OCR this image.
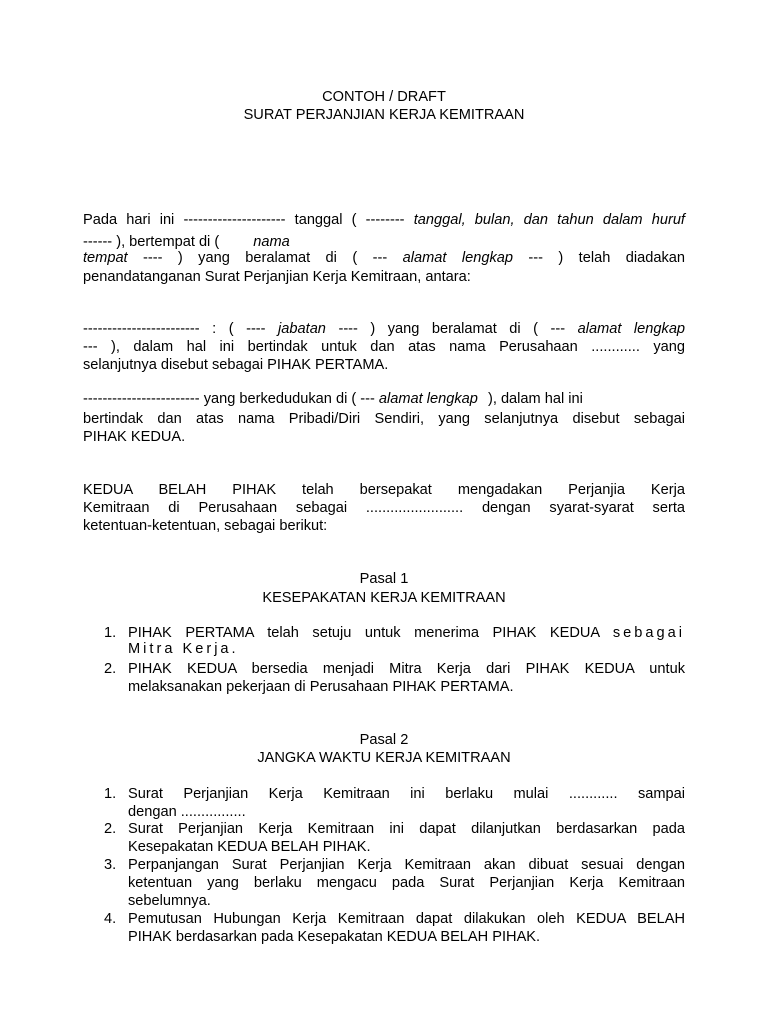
CONTOH / DRAFT
SURAT PERJANJIAN KERJA KEMITRAAN
Pada hari ini --------------------- tanggal ( -------- tanggal, bulan, dan tahun dalam huruf
------ ), bertempat di ( nama
tempat ---- ) yang beralamat di ( --- alamat lengkap --- ) telah diadakan
penandatanganan Surat Perjanjian Kerja Kemitraan, antara:
------------------------ : ( ---- jabatan ---- ) yang beralamat di ( --- alamat lengkap
--- ), dalam hal ini bertindak untuk dan atas nama Perusahaan ............ yang
selanjutnya disebut sebagai PIHAK PERTAMA.
------------------------ yang berkedudukan di ( --- alamat lengkap ), dalam hal ini
bertindak dan atas nama Pribadi/Diri Sendiri, yang selanjutnya disebut sebagai
PIHAK KEDUA.
KEDUA BELAH PIHAK telah bersepakat mengadakan Perjanjia Kerja
Kemitraan di Perusahaan sebagai ........................ dengan syarat-syarat serta
ketentuan-ketentuan, sebagai berikut:
Pasal 1
KESEPAKATAN KERJA KEMITRAAN
1. PIHAK PERTAMA telah setuju untuk menerima PIHAK KEDUA sebagai
Mitra Kerja.
2. PIHAK KEDUA bersedia menjadi Mitra Kerja dari PIHAK KEDUA untuk
melaksanakan pekerjaan di Perusahaan PIHAK PERTAMA.
Pasal 2
JANGKA WAKTU KERJA KEMITRAAN
1. Surat Perjanjian Kerja Kemitraan ini berlaku mulai ............ sampai
dengan ................
2. Surat Perjanjian Kerja Kemitraan ini dapat dilanjutkan berdasarkan pada
Kesepakatan KEDUA BELAH PIHAK.
3. Perpanjangan Surat Perjanjian Kerja Kemitraan akan dibuat sesuai dengan
ketentuan yang berlaku mengacu pada Surat Perjanjian Kerja Kemitraan
sebelumnya.
4. Pemutusan Hubungan Kerja Kemitraan dapat dilakukan oleh KEDUA BELAH
PIHAK berdasarkan pada Kesepakatan KEDUA BELAH PIHAK.
